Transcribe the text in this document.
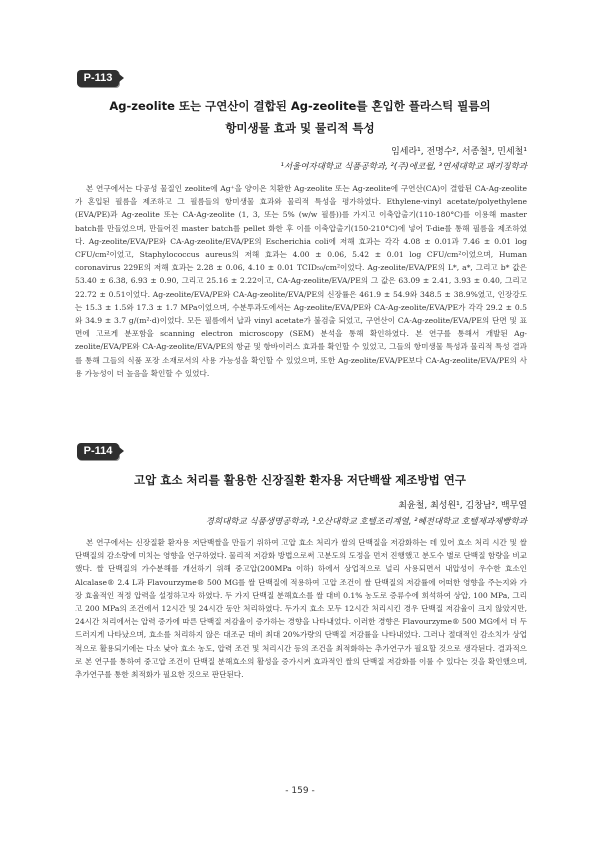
P-113
Ag-zeolite 또는 구연산이 결합된 Ag-zeolite를 혼입한 플라스틱 필름의
항미생물 효과 및 물리적 특성
임세라¹, 전명수², 서종철³, 민세철¹
¹서울여자대학교 식품공학과, ²(주)에코윌, ³연세대학교 패키징학과
본 연구에서는 다공성 물질인 zeolite에 Ag⁺을 양이온 치환한 Ag-zeolite 또는 Ag-zeolite에 구연산(CA)이 결합된 CA-Ag-zeolite가 혼입된 필름을 제조하고 그 필름들의 항미생물 효과와 물리적 특성을 평가하였다. Ethylene-vinyl acetate/polyethylene (EVA/PE)과 Ag-zeolite 또는 CA-Ag-zeolite (1, 3, 또는 5% (w/w 필름))를 가지고 이축압출기(110-180°C)를 이용해 master batch를 만들었으며, 만들어진 master batch를 pellet 화한 후 이를 이축압출기(150-210°C)에 넣어 T-die를 통해 필름을 제조하였다. Ag-zeolite/EVA/PE와 CA-Ag-zeolite/EVA/PE의 Escherichia coli에 저해 효과는 각각 4.08 ± 0.01과 7.46 ± 0.01 log CFU/cm²이었고, Staphylococcus aureus의 저해 효과는 4.00 ± 0.06, 5.42 ± 0.01 log CFU/cm²이었으며, Human coronavirus 229E의 저해 효과는 2.28 ± 0.06, 4.10 ± 0.01 TCID₅₀/cm²이었다. Ag-zeolite/EVA/PE의 L*, a*, 그리고 b* 값은 53.40 ± 6.38, 6.93 ± 0.90, 그리고 25.16 ± 2.22이고, CA-Ag-zeolite/EVA/PE의 그 값은 63.09 ± 2.41, 3.93 ± 0.40, 그리고 22.72 ± 0.51이었다. Ag-zeolite/EVA/PE와 CA-Ag-zeolite/EVA/PE의 신장률은 461.9 ± 54.9와 348.5 ± 38.9%였고, 인장강도는 15.3 ± 1.5와 17.3 ± 1.7 MPa이었으며, 수분투과도에서는 Ag-zeolite/EVA/PE와 CA-Ag-zeolite/EVA/PE가 각각 29.2 ± 0.5와 34.9 ± 3.7 g/(m²·d)이었다. 모든 필름에서 납과 vinyl acetate가 불검출 되었고, 구연산이 CA-Ag-zeolite/EVA/PE의 단면 및 표면에 고르게 분포함을 scanning electron microscopy (SEM) 분석을 통해 확인하였다. 본 연구를 통해서 개발된 Ag-zeolite/EVA/PE와 CA-Ag-zeolite/EVA/PE의 항균 및 항바이러스 효과를 확인할 수 있었고, 그들의 항미생물 특성과 물리적 특성 결과를 통해 그들의 식품 포장 소재로서의 사용 가능성을 확인할 수 있었으며, 또한 Ag-zeolite/EVA/PE보다 CA-Ag-zeolite/EVA/PE의 사용 가능성이 더 높음을 확인할 수 있었다.
P-114
고압 효소 처리를 활용한 신장질환 환자용 저단백쌀 제조방법 연구
최윤철, 최성원¹, 김창남², 백무열
경희대학교 식품생명공학과, ¹오산대학교 호텔조리계열, ²혜전대학교 호텔제과제빵학과
본 연구에서는 신장질환 환자용 저단백쌀을 만들기 위하여 고압 효소 처리가 쌀의 단백질을 저감화하는 데 있어 효소 처리 시간 및 쌀 단백질의 감소량에 미치는 영향을 연구하였다. 물리적 저감화 방법으로써 고분도의 도정을 먼저 진행했고 분도수 별로 단백질 함량을 비교했다. 쌀 단백질의 가수분해를 개선하기 위해 중고압(200MPa 이하) 하에서 상업적으로 널리 사용되면서 내압성이 우수한 효소인 Alcalase® 2.4 L과 Flavourzyme® 500 MG를 쌀 단백질에 적용하여 고압 조건이 쌀 단백질의 저감률에 어떠한 영향을 주는지와 가장 효율적인 적정 압력을 설정하고자 하였다. 두 가지 단백질 분해효소를 쌀 대비 0.1% 농도로 증류수에 희석하여 상압, 100 MPa, 그리고 200 MPa의 조건에서 12시간 및 24시간 동안 처리하였다. 두가지 효소 모두 12시간 처리시킨 경우 단백질 저감율이 크지 않았지만, 24시간 처리에서는 압력 증가에 따른 단백질 저감율이 증가하는 경향을 나타내었다. 이러한 경향은 Flavourzyme® 500 MG에서 더 두드러지게 나타났으며, 효소를 처리하지 않은 대조군 대비 최대 20%가량의 단백질 저감률을 나타내었다. 그러나 절대적인 감소치가 상업적으로 활용되기에는 다소 낮아 효소 농도, 압력 조건 및 처리시간 등의 조건을 최적화하는 추가연구가 필요할 것으로 생각된다. 결과적으로 본 연구를 통하여 중고압 조건이 단백질 분해효소의 활성을 증가시켜 효과적인 쌀의 단백질 저감화를 이룰 수 있다는 것을 확인했으며, 추가연구를 통한 최적화가 필요한 것으로 판단된다.
- 159 -
